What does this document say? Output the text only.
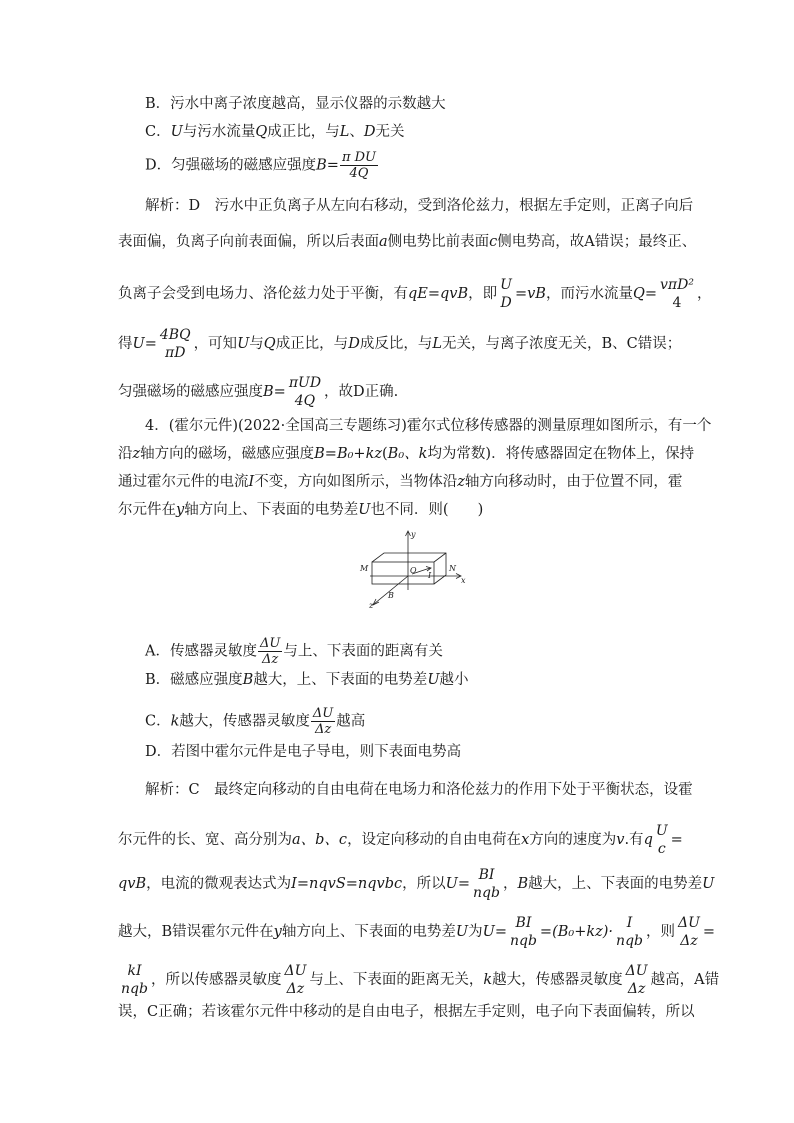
B．污水中离子浓度越高，显示仪器的示数越大
C．U与污水流量Q成正比，与L、D无关
D．匀强磁场的磁感应强度$B= \frac{\text{π DU}}{4Q}$
解析：D　污水中正负离子从左向右移动，受到洛伦兹力，根据左手定则，正离子向后
表面偏，负离子向前表面偏，所以后表面a侧电势比前表面c侧电势高，故A错误；最终正、
负离子会受到电场力、洛伦兹力处于平衡，有qE=qvB，即
U
D
=vB，而污水流量Q=
vπD²
4
，
得U=
4BQ
πD
，可知U与Q成正比，与D成反比，与L无关，与离子浓度无关，B、C错误；
匀强磁场的磁感应强度B=
πUD
4Q
，故D正确.
4．(霍尔元件)(2022·全国高三专题练习)霍尔式位移传感器的测量原理如图所示，有一个
沿z轴方向的磁场，磁感应强度B=B₀+kz(B₀、k均为常数)．将传感器固定在物体上，保持
通过霍尔元件的电流I不变，方向如图所示，当物体沿z轴方向移动时，由于位置不同，霍
尔元件在y轴方向上、下表面的电势差U也不同．则(　　)
y
x
z
M	N
O
B
I
A．传感器灵敏度 $\frac{\Delta U}{\Delta z}$ 与上、下表面的距离有关
B．磁感应强度B越大，上、下表面的电势差U越小
C．k越大，传感器灵敏度 $\frac{\Delta U}{\Delta z}$ 越高
D．若图中霍尔元件是电子导电，则下表面电势高
解析：C　最终定向移动的自由电荷在电场力和洛伦兹力的作用下处于平衡状态，设霍
尔元件的长、宽、高分别为a、b、c，设定向移动的自由电荷在x方向的速度为v.有q
U
c
=
qvB，电流的微观表达式为I=nqvS=nqvbc，所以U=
BI
nqb
，B越大，上、下表面的电势差U
越大，B错误霍尔元件在y轴方向上、下表面的电势差U为U=
BI
nqb
=(B₀+kz)·
I
nqb
，则
ΔU
Δz
=
kI
nqb
，所以传感器灵敏度
ΔU
Δz
与上、下表面的距离无关，k越大，传感器灵敏度
ΔU
Δz
越高，A错
误，C正确；若该霍尔元件中移动的是自由电子，根据左手定则，电子向下表面偏转，所以
